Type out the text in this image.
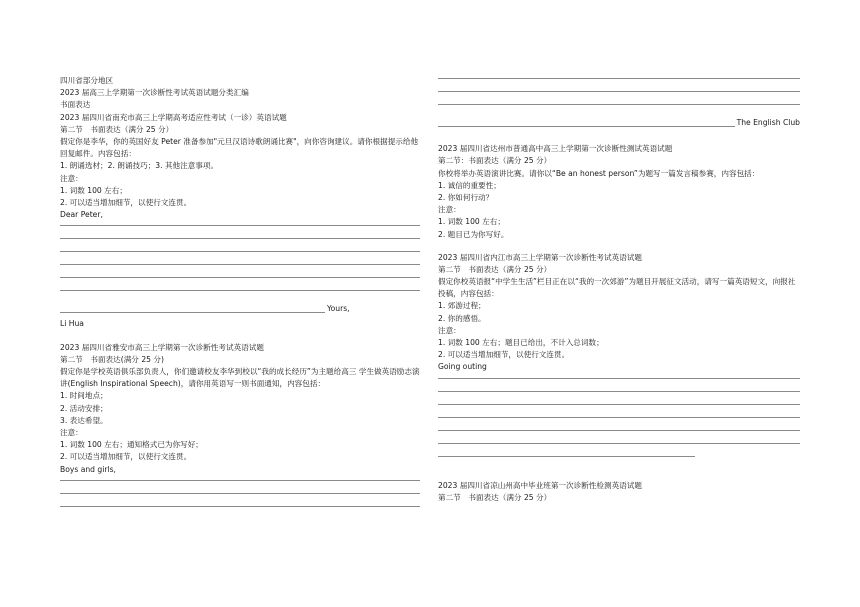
四川省部分地区
2023 届高三上学期第一次诊断性考试英语试题分类汇编
书面表达
2023 届四川省南充市高三上学期高考适应性考试（一诊）英语试题
第二节　书面表达（满分 25 分）
假定你是李华，你的英国好友 Peter 准备参加"元旦汉语诗歌朗诵比赛"，向你咨询建议。请你根据提示给他回复邮件。内容包括：
1. 朗诵选材；2. 朗诵技巧；3. 其他注意事项。
注意：
1. 词数 100 左右；
2. 可以适当增加细节，以使行文连贯。
Dear Peter,
Yours,
Li Hua
2023 届四川省雅安市高三上学期第一次诊断性考试英语试题
第二节　书面表达(满分 25 分)
假定你是学校英语俱乐部负责人，你们邀请校友李华到校以“我的成长经历”为主题给高三 学生做英语励志演讲(English Inspirational Speech)，请你用英语写一则书面通知，内容包括：
1. 时间地点；
2. 活动安排；
3. 表达希望。
注意：
1. 词数 100 左右；通知格式已为你写好；
2. 可以适当增加细节，以使行文连贯。
Boys and girls,
The English Club
2023 届四川省达州市普通高中高三上学期第一次诊断性测试英语试题
第二节：书面表达（满分 25 分）
你校将举办英语演讲比赛。请你以“Be an honest person”为题写一篇发言稿参赛，内容包括：
1. 诚信的重要性；
2. 你如何行动？
注意：
1. 词数 100 左右；
2. 题目已为你写好。
2023 届四川省内江市高三上学期第一次诊断性考试英语试题
第二节　书面表达（满分 25 分）
假定你校英语报“中学生生活”栏目正在以“我的一次郊游”为题目开展征文活动，请写一篇英语短文，向报社投稿，内容包括：
1. 郊游过程；
2. 你的感悟。
注意：
1. 词数 100 左右；题目已给出，不计入总词数；
2. 可以适当增加细节，以使行文连贯。
Going outing
2023 届四川省凉山州高中毕业班第一次诊断性检测英语试题
第二节　书面表达（满分 25 分）
